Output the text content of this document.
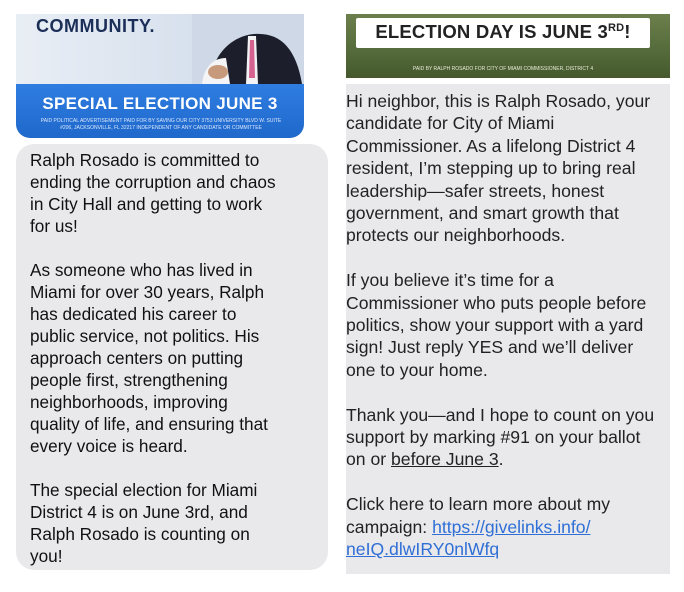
COMMUNITY.
SPECIAL ELECTION JUNE 3
PAID POLITICAL ADVERTISEMENT PAID FOR BY SAVING OUR CITY 3753 UNIVERSITY BLVD W. SUITE #206, JACKSONVILLE, FL 32217 INDEPENDENT OF ANY CANDIDATE OR COMMITTEE

Ralph Rosado is committed to
ending the corruption and chaos
in City Hall and getting to work
for us!

As someone who has lived in
Miami for over 30 years, Ralph
has dedicated his career to
public service, not politics. His
approach centers on putting
people first, strengthening
neighborhoods, improving
quality of life, and ensuring that
every voice is heard.

The special election for Miami
District 4 is on June 3rd, and
Ralph Rosado is counting on
you!

ELECTION DAY IS JUNE 3RD!
PAID BY RALPH ROSADO FOR CITY OF MIAMI COMMISSIONER, DISTRICT 4

Hi neighbor, this is Ralph Rosado, your
candidate for City of Miami
Commissioner. As a lifelong District 4
resident, I’m stepping up to bring real
leadership—safer streets, honest
government, and smart growth that
protects our neighborhoods.

If you believe it’s time for a
Commissioner who puts people before
politics, show your support with a yard
sign! Just reply YES and we’ll deliver
one to your home.

Thank you—and I hope to count on you
support by marking #91 on your ballot
on or before June 3.

Click here to learn more about my
campaign: https://givelinks.info/
neIQ.dlwIRY0nlWfq
